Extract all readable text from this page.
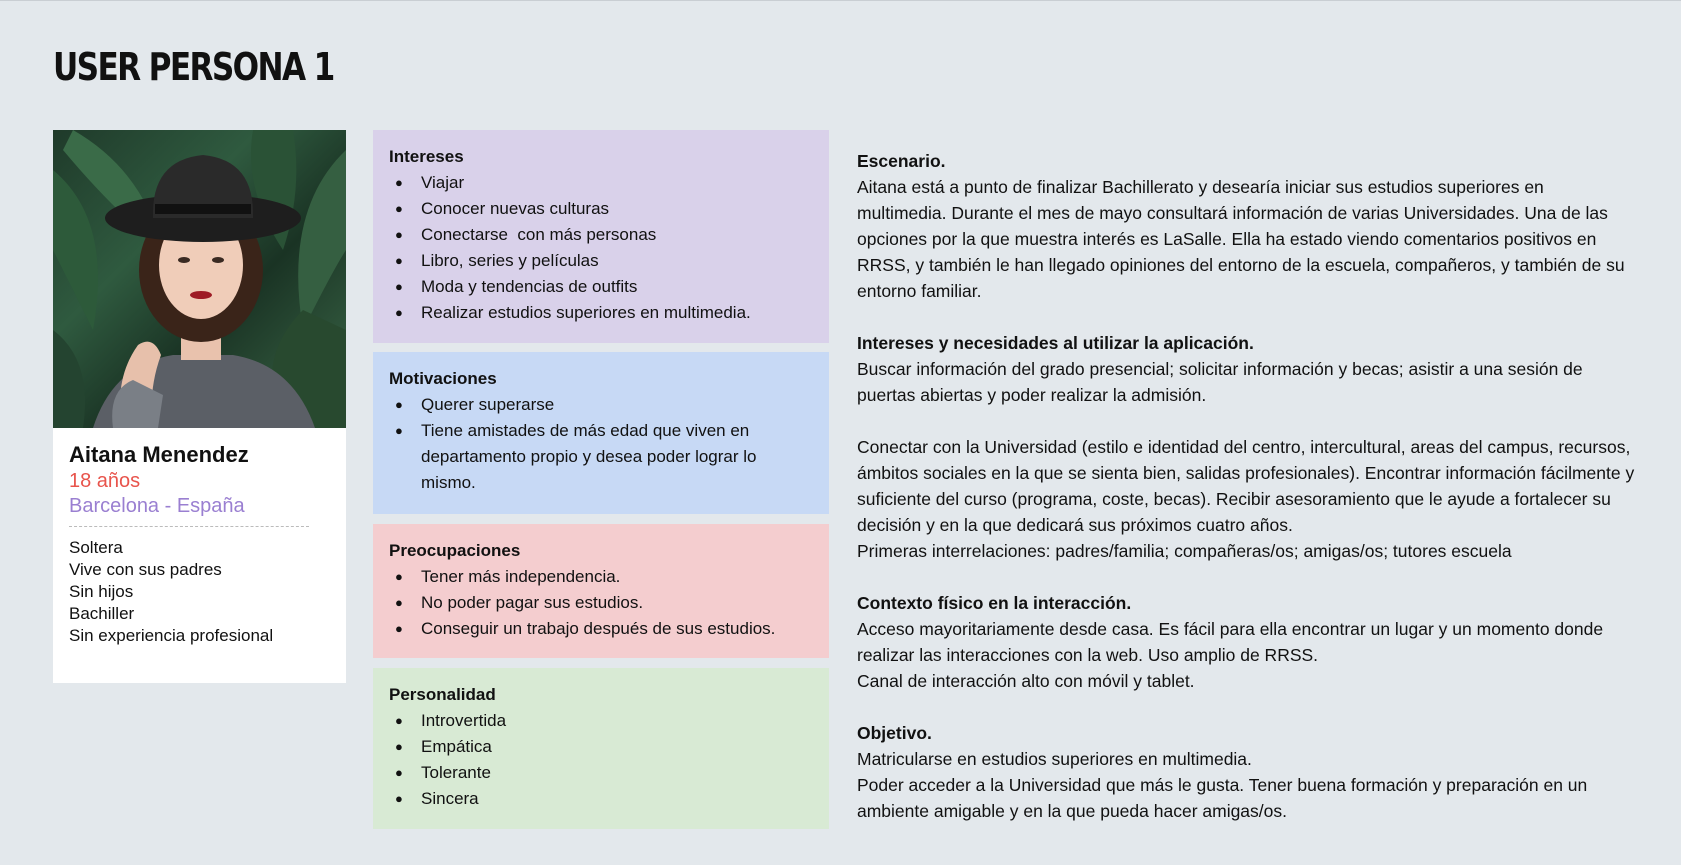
USER PERSONA 1

Aitana Menendez

18 años

Barcelona - España

Soltera
Vive con sus padres
Sin hijos
Bachiller
Sin experiencia profesional

Intereses

● Viajar
● Conocer nuevas culturas
● Conectarse  con más personas
● Libro, series y películas
● Moda y tendencias de outfits
● Realizar estudios superiores en multimedia.

Motivaciones

● Querer superarse
● Tiene amistades de más edad que viven en departamento propio y desea poder lograr lo mismo.

Preocupaciones

● Tener más independencia.
● No poder pagar sus estudios.
● Conseguir un trabajo después de sus estudios.

Personalidad

● Introvertida
● Empática
● Tolerante
● Sincera

Escenario.

Aitana está a punto de finalizar Bachillerato y desearía iniciar sus estudios superiores en multimedia. Durante el mes de mayo consultará información de varias Universidades. Una de las opciones por la que muestra interés es LaSalle. Ella ha estado viendo comentarios positivos en RRSS, y también le han llegado opiniones del entorno de la escuela, compañeros, y también de su entorno familiar.

Intereses y necesidades al utilizar la aplicación.

Buscar información del grado presencial; solicitar información y becas; asistir a una sesión de puertas abiertas y poder realizar la admisión.

Conectar con la Universidad (estilo e identidad del centro, intercultural, areas del campus, recursos, ámbitos sociales en la que se sienta bien, salidas profesionales). Encontrar información fácilmente y suficiente del curso (programa, coste, becas). Recibir asesoramiento que le ayude a fortalecer su decisión y en la que dedicará sus próximos cuatro años.

Primeras interrelaciones: padres/familia; compañeras/os; amigas/os; tutores escuela

Contexto físico en la interacción.

Acceso mayoritariamente desde casa. Es fácil para ella encontrar un lugar y un momento donde realizar las interacciones con la web. Uso amplio de RRSS.

Canal de interacción alto con móvil y tablet.

Objetivo.

Matricularse en estudios superiores en multimedia.

Poder acceder a la Universidad que más le gusta. Tener buena formación y preparación en un ambiente amigable y en la que pueda hacer amigas/os.
